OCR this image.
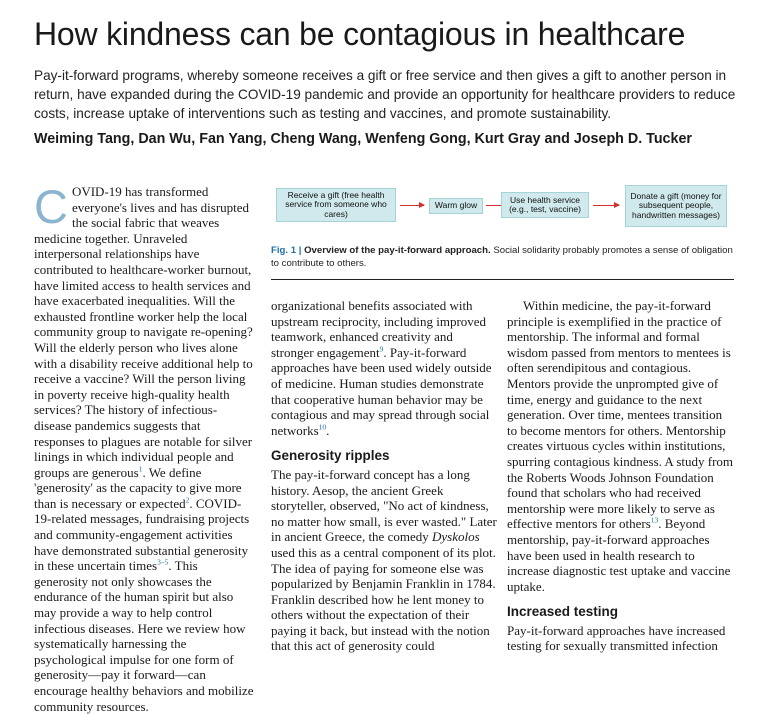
How kindness can be contagious in healthcare
Pay-it-forward programs, whereby someone receives a gift or free service and then gives a gift to another person in return, have expanded during the COVID-19 pandemic and provide an opportunity for healthcare providers to reduce costs, increase uptake of interventions such as testing and vaccines, and promote sustainability.
Weiming Tang, Dan Wu, Fan Yang, Cheng Wang, Wenfeng Gong, Kurt Gray and Joseph D. Tucker

COVID-19 has transformed everyone's lives and has disrupted the social fabric that weaves medicine together. Unraveled interpersonal relationships have contributed to healthcare-worker burnout, have limited access to health services and have exacerbated inequalities. Will the exhausted frontline worker help the local community group to navigate re-opening? Will the elderly person who lives alone with a disability receive additional help to receive a vaccine? Will the person living in poverty receive high-quality health services? The history of infectious-disease pandemics suggests that responses to plagues are notable for silver linings in which individual people and groups are generous$^1$. We define 'generosity' as the capacity to give more than is necessary or expected$^2$. COVID-19-related messages, fundraising projects and community-engagement activities have demonstrated substantial generosity in these uncertain times$^{3-5}$. This generosity not only showcases the endurance of the human spirit but also may provide a way to help control infectious diseases. Here we review how systematically harnessing the psychological impulse for one form of generosity—pay it forward—can encourage healthy behaviors and mobilize community resources.

Receive a gift (free health service from someone who cares)
Warm glow
Use health service (e.g., test, vaccine)
Donate a gift (money for subsequent people, handwritten messages)
Fig. 1 | Overview of the pay-it-forward approach. Social solidarity probably promotes a sense of obligation to contribute to others.

organizational benefits associated with upstream reciprocity, including improved teamwork, enhanced creativity and stronger engagement$^9$. Pay-it-forward approaches have been used widely outside of medicine. Human studies demonstrate that cooperative human behavior may be contagious and may spread through social networks$^{10}$.

Generosity ripples

The pay-it-forward concept has a long history. Aesop, the ancient Greek storyteller, observed, "No act of kindness, no matter how small, is ever wasted." Later in ancient Greece, the comedy Dyskolos used this as a central component of its plot. The idea of paying for someone else was popularized by Benjamin Franklin in 1784. Franklin described how he lent money to others without the expectation of their paying it back, but instead with the notion that this act of generosity could

Within medicine, the pay-it-forward principle is exemplified in the practice of mentorship. The informal and formal wisdom passed from mentors to mentees is often serendipitous and contagious. Mentors provide the unprompted give of time, energy and guidance to the next generation. Over time, mentees transition to become mentors for others. Mentorship creates virtuous cycles within institutions, spurring contagious kindness. A study from the Roberts Woods Johnson Foundation found that scholars who had received mentorship were more likely to serve as effective mentors for others$^{13}$. Beyond mentorship, pay-it-forward approaches have been used in health research to increase diagnostic test uptake and vaccine uptake.

Increased testing

Pay-it-forward approaches have increased testing for sexually transmitted infection
